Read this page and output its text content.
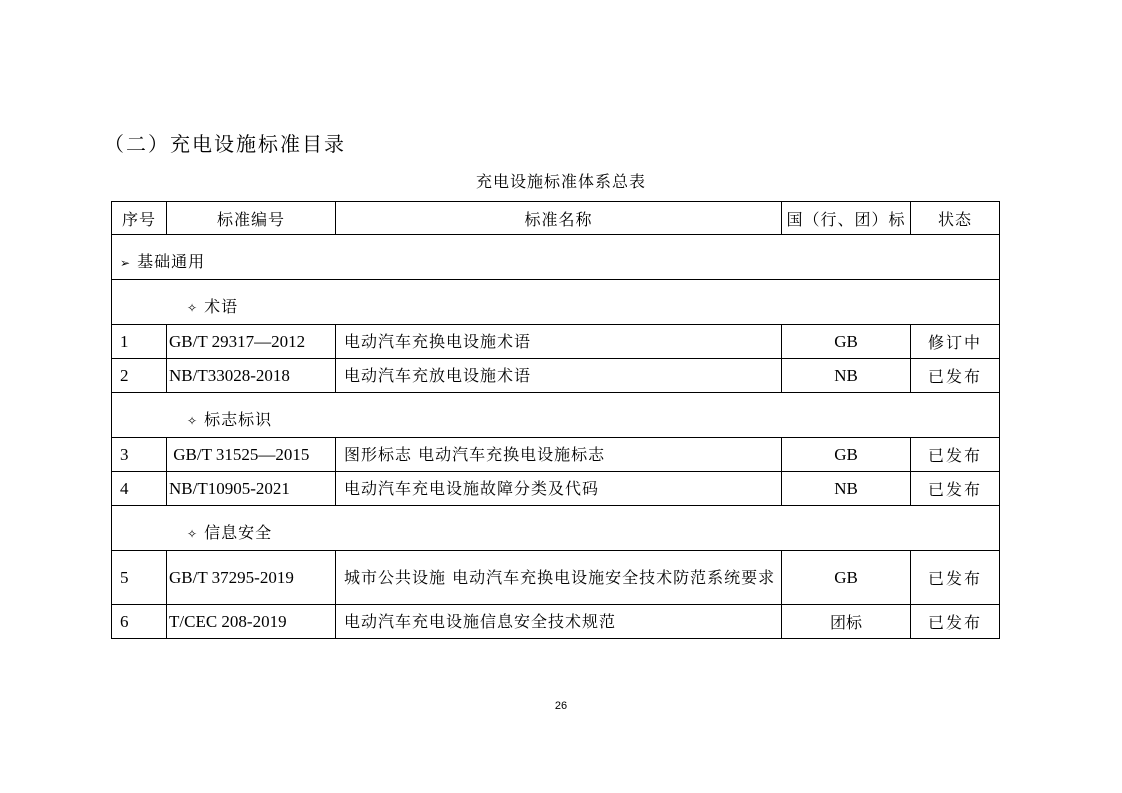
（二）充电设施标准目录
充电设施标准体系总表
序号	标准编号	标准名称	国（行、团）标	状态
➢ 基础通用				
✧ 术语				
1	GB/T 29317—2012	电动汽车充换电设施术语	GB	修订中
2	NB/T33028-2018	电动汽车充放电设施术语	NB	已发布
✧ 标志标识				
3	GB/T 31525—2015	图形标志 电动汽车充换电设施标志	GB	已发布
4	NB/T10905-2021	电动汽车充电设施故障分类及代码	NB	已发布
✧ 信息安全				
5	GB/T 37295-2019	城市公共设施 电动汽车充换电设施安全技术防范系统要求	GB	已发布
6	T/CEC 208-2019	电动汽车充电设施信息安全技术规范	团标	已发布
26
